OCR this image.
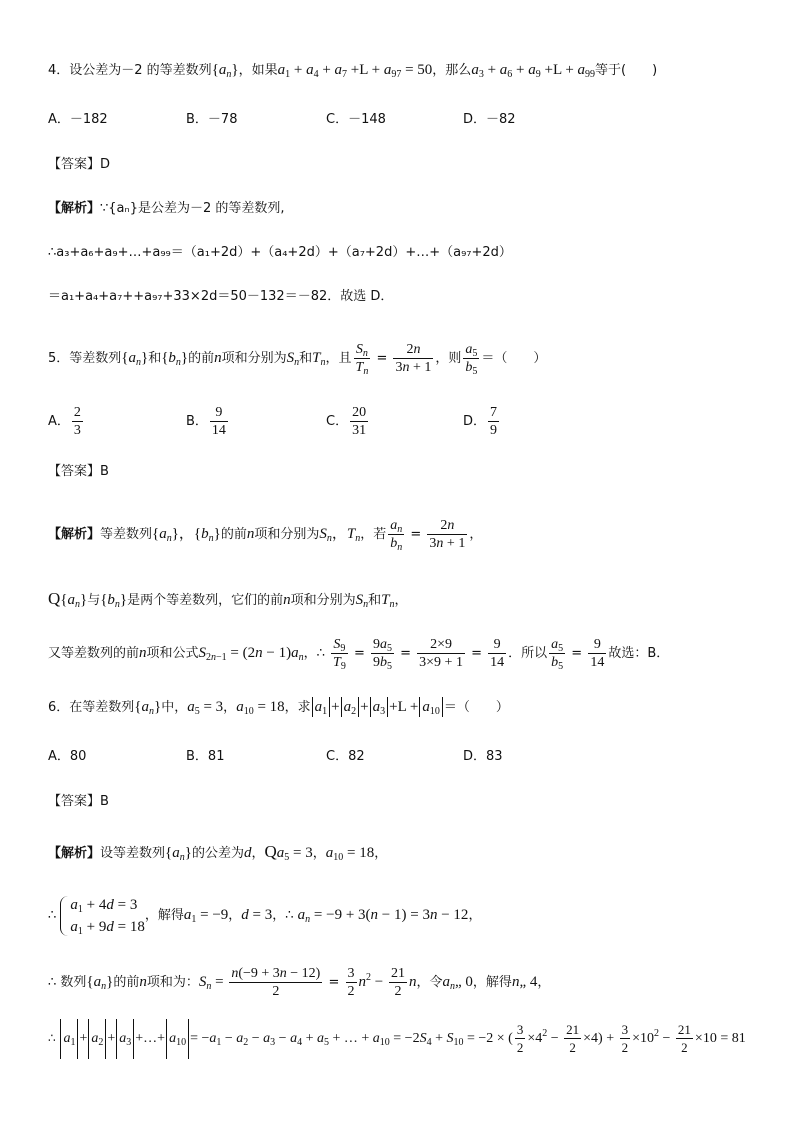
4．设公差为－2 的等差数列$\{a_n\}$，如果$a_1 + a_4 + a_7 +L + a_{97} = 50$，那么$a_3 + a_6 + a_9 +L + a_{99}$等于(　　)
A．－182	B．－78	C．－148	D．－82
【答案】D
【解析】∵{aₙ}是公差为－2 的等差数列,
∴a₃+a₆+a₉+…+a₉₉＝（a₁+2d）+（a₄+2d）+（a₇+2d）+…+（a₉₇+2d）
＝a₁+a₄+a₇++a₉₇+33×2d＝50－132＝－82．故选 D．
5．等差数列$\{a_n\}$和$\{b_n\}$的前n项和分别为$S_n$和$T_n$，且 $\frac{S_n}{T_n} = \frac{2n}{3n + 1}$ ，则 $\frac{a_5}{b_5}$ ＝（　　）
A． $\frac{2}{3}$	B． $\frac{9}{14}$	C． $\frac{20}{31}$	D． $\frac{7}{9}$
【答案】B
【解析】等差数列$\{a_n\}$，$\{b_n\}$的前n项和分别为$S_n$，$T_n$，若 $\frac{a_n}{b_n} = \frac{2n}{3n + 1}$ ，
$Q\{a_n\}$与$\{b_n\}$是两个等差数列，它们的前n项和分别为$S_n$和$T_n$，
又等差数列的前n项和公式$S_{2n-1} = (2n - 1)a_n$，∴ $\frac{S_9}{T_9} = \frac{9a_5}{9b_5} = \frac{2\times 9}{3\times 9 + 1} = \frac{9}{14}$ ．所以 $\frac{a_5}{b_5} = \frac{9}{14}$ 故选：B．
6．在等差数列$\{a_n\}$中，$a_5 = 3$，$a_{10} = 18$，求 $a_1 + a_2 + a_3 +L + a_{10}$ ＝（　　）
A．80	B．81	C．82	D．83
【答案】B
【解析】设等差数列$\{a_n\}$的公差为d，$Qa_5 = 3$，$a_{10} = 18$，
∴
$a_1 + 4d = 3$
$a_1 + 9d = 18$
，解得$a_1 = -9$，d = 3，∴ $a_n = -9 + 3(n - 1) = 3n - 12$，
∴ 数列$\{a_n\}$的前n项和为：$S_n = \frac{n(-9 + 3n - 12)}{2} = \frac{3}{2} n^2 - \frac{21}{2}$ n，令$a_n„$ 0，解得n„ 4，
∴ $a_1 + a_2 + a_3$ +…+ $a_{10} = -a_1 - a_2 - a_3 - a_4 + a_5$ + … + $a_{10} = -2S_4 + S_{10} = -2$ × ( $\frac{3}{2} \times 4^2 - \frac{21}{2} \times 4) + \frac{3}{2} \times 10^2 - \frac{21}{2} \times 10 = 81$
